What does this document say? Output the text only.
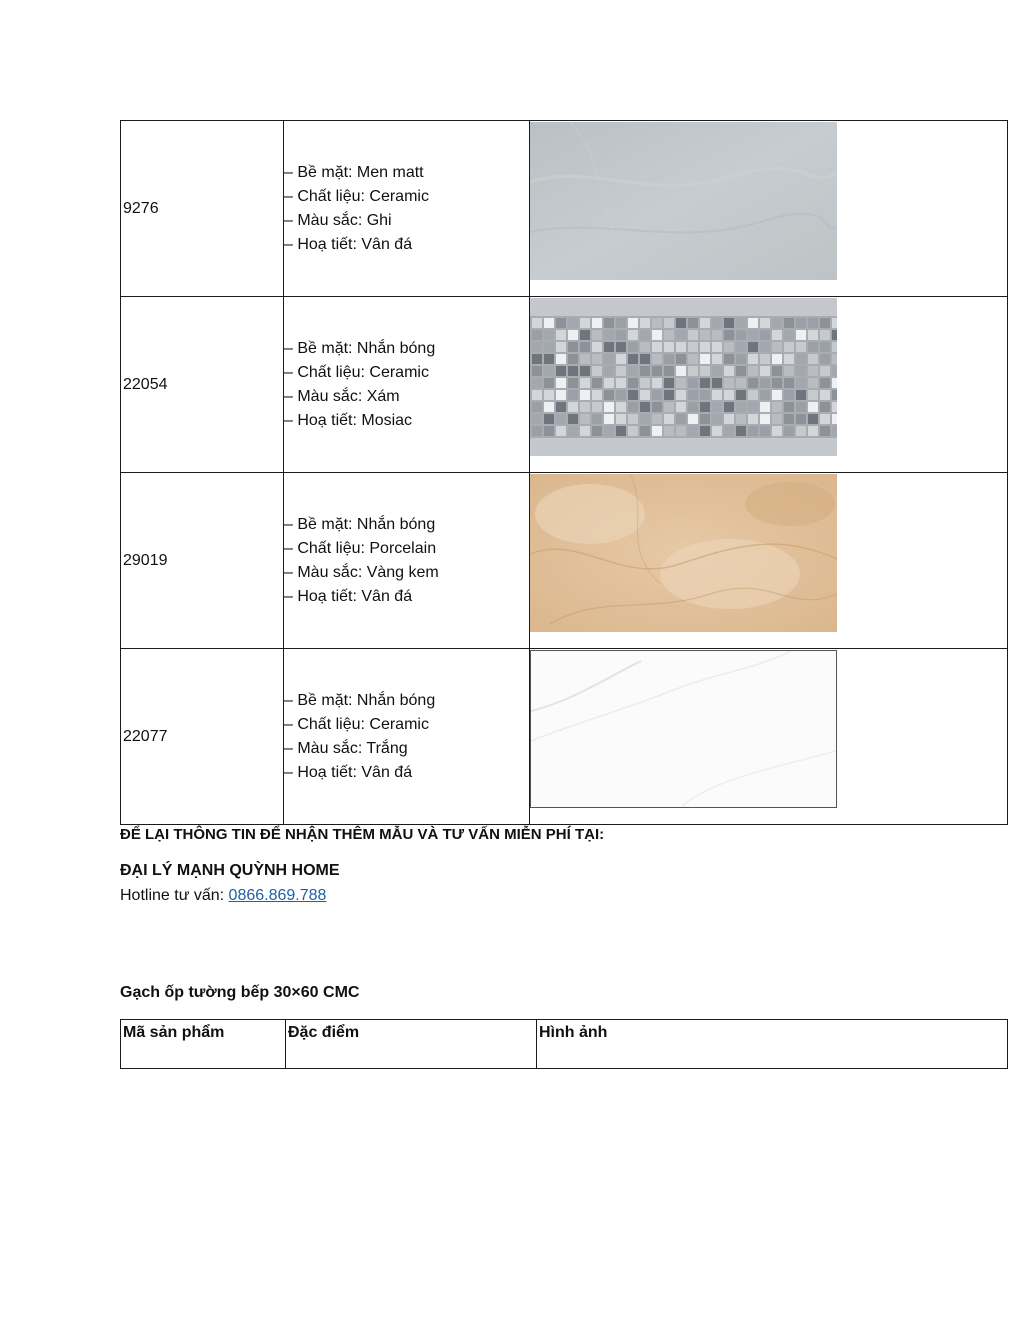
9276	– Bề mặt: Men matt
– Chất liệu: Ceramic
– Màu sắc: Ghi
– Hoạ tiết: Vân đá

22054	– Bề mặt: Nhắn bóng
– Chất liệu: Ceramic
– Màu sắc: Xám
– Hoạ tiết: Mosiac

29019	– Bề mặt: Nhắn bóng
– Chất liệu: Porcelain
– Màu sắc: Vàng kem
– Hoạ tiết: Vân đá

22077	– Bề mặt: Nhắn bóng
– Chất liệu: Ceramic
– Màu sắc: Trắng
– Hoạ tiết: Vân đá

ĐỂ LẠI THÔNG TIN ĐỂ NHẬN THÊM MẪU VÀ TƯ VẤN MIỄN PHÍ TẠI:
ĐẠI LÝ MẠNH QUỲNH HOME
Hotline tư vấn: 0866.869.788
Gạch ốp tường bếp 30×60 CMC
Mã sản phẩm	Đặc điểm	Hình ảnh
